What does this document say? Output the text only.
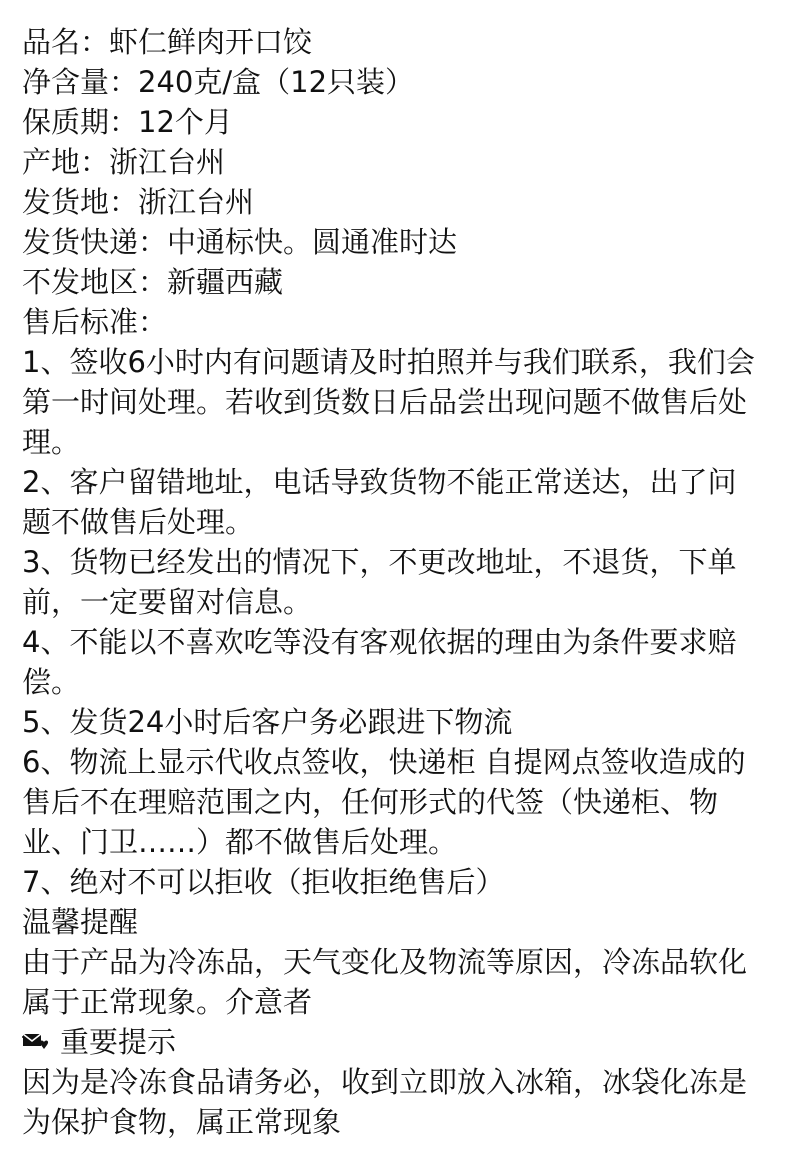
品名：虾仁鲜肉开口饺
净含量：240克/盒（12只装）
保质期：12个月
产地：浙江台州
发货地：浙江台州
发货快递：中通标快。圆通准时达
不发地区：新疆西藏
售后标准：
1、签收6小时内有问题请及时拍照并与我们联系，我们会第一时间处理。若收到货数日后品尝出现问题不做售后处理。
2、客户留错地址，电话导致货物不能正常送达，出了问题不做售后处理。
3、货物已经发出的情况下，不更改地址，不退货，下单前，一定要留对信息。
4、不能以不喜欢吃等没有客观依据的理由为条件要求赔偿。
5、发货24小时后客户务必跟进下物流
6、物流上显示代收点签收，快递柜 自提网点签收造成的售后不在理赔范围之内，任何形式的代签（快递柜、物业、门卫……）都不做售后处理。
7、绝对不可以拒收（拒收拒绝售后）
温馨提醒
由于产品为冷冻品，天气变化及物流等原因，冷冻品软化属于正常现象。介意者
重要提示
因为是冷冻食品请务必，收到立即放入冰箱，冰袋化冻是为保护食物，属正常现象
